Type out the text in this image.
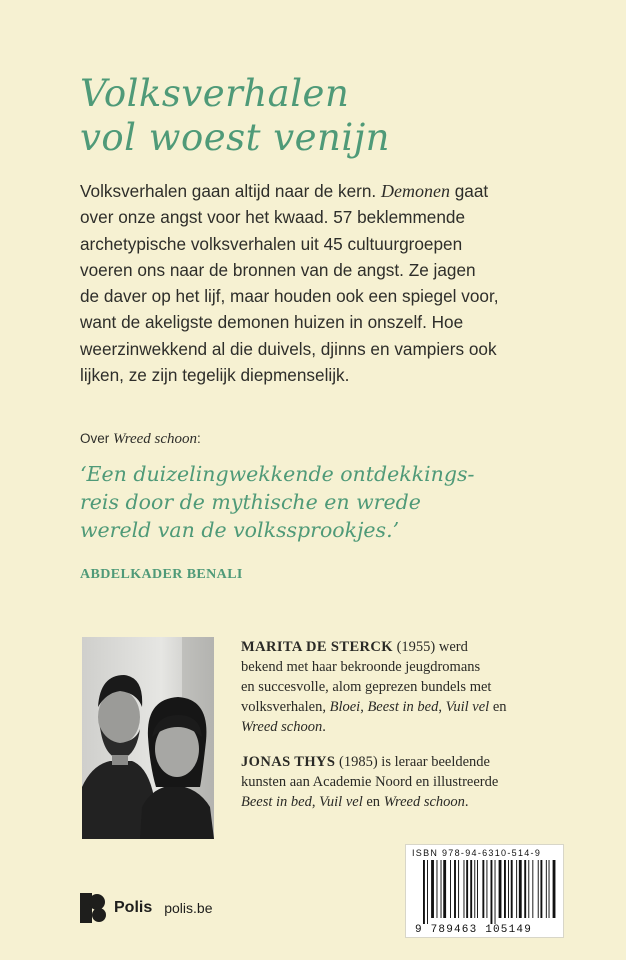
Volksverhalen
vol woest venijn
Volksverhalen gaan altijd naar de kern. Demonen gaat
over onze angst voor het kwaad. 57 beklemmende
archetypische volksverhalen uit 45 cultuurgroepen
voeren ons naar de bronnen van de angst. Ze jagen
de daver op het lijf, maar houden ook een spiegel voor,
want de akeligste demonen huizen in onszelf. Hoe
weerzinwekkend al die duivels, djinns en vampiers ook
lijken, ze zijn tegelijk diepmenselijk.
Over Wreed schoon:
‘Een duizelingwekkende ontdekkings-
reis door de mythische en wrede
wereld van de volkssprookjes.’
ABDELKADER BENALI
MARITA DE STERCK (1955) werd
bekend met haar bekroonde jeugdromans
en succesvolle, alom geprezen bundels met
volksverhalen, Bloei, Beest in bed, Vuil vel en
Wreed schoon.
JONAS THYS (1985) is leraar beeldende
kunsten aan Academie Noord en illustreerde
Beest in bed, Vuil vel en Wreed schoon.
ISBN 978-94-6310-514-9
9 789463 105149
Polis polis.be
